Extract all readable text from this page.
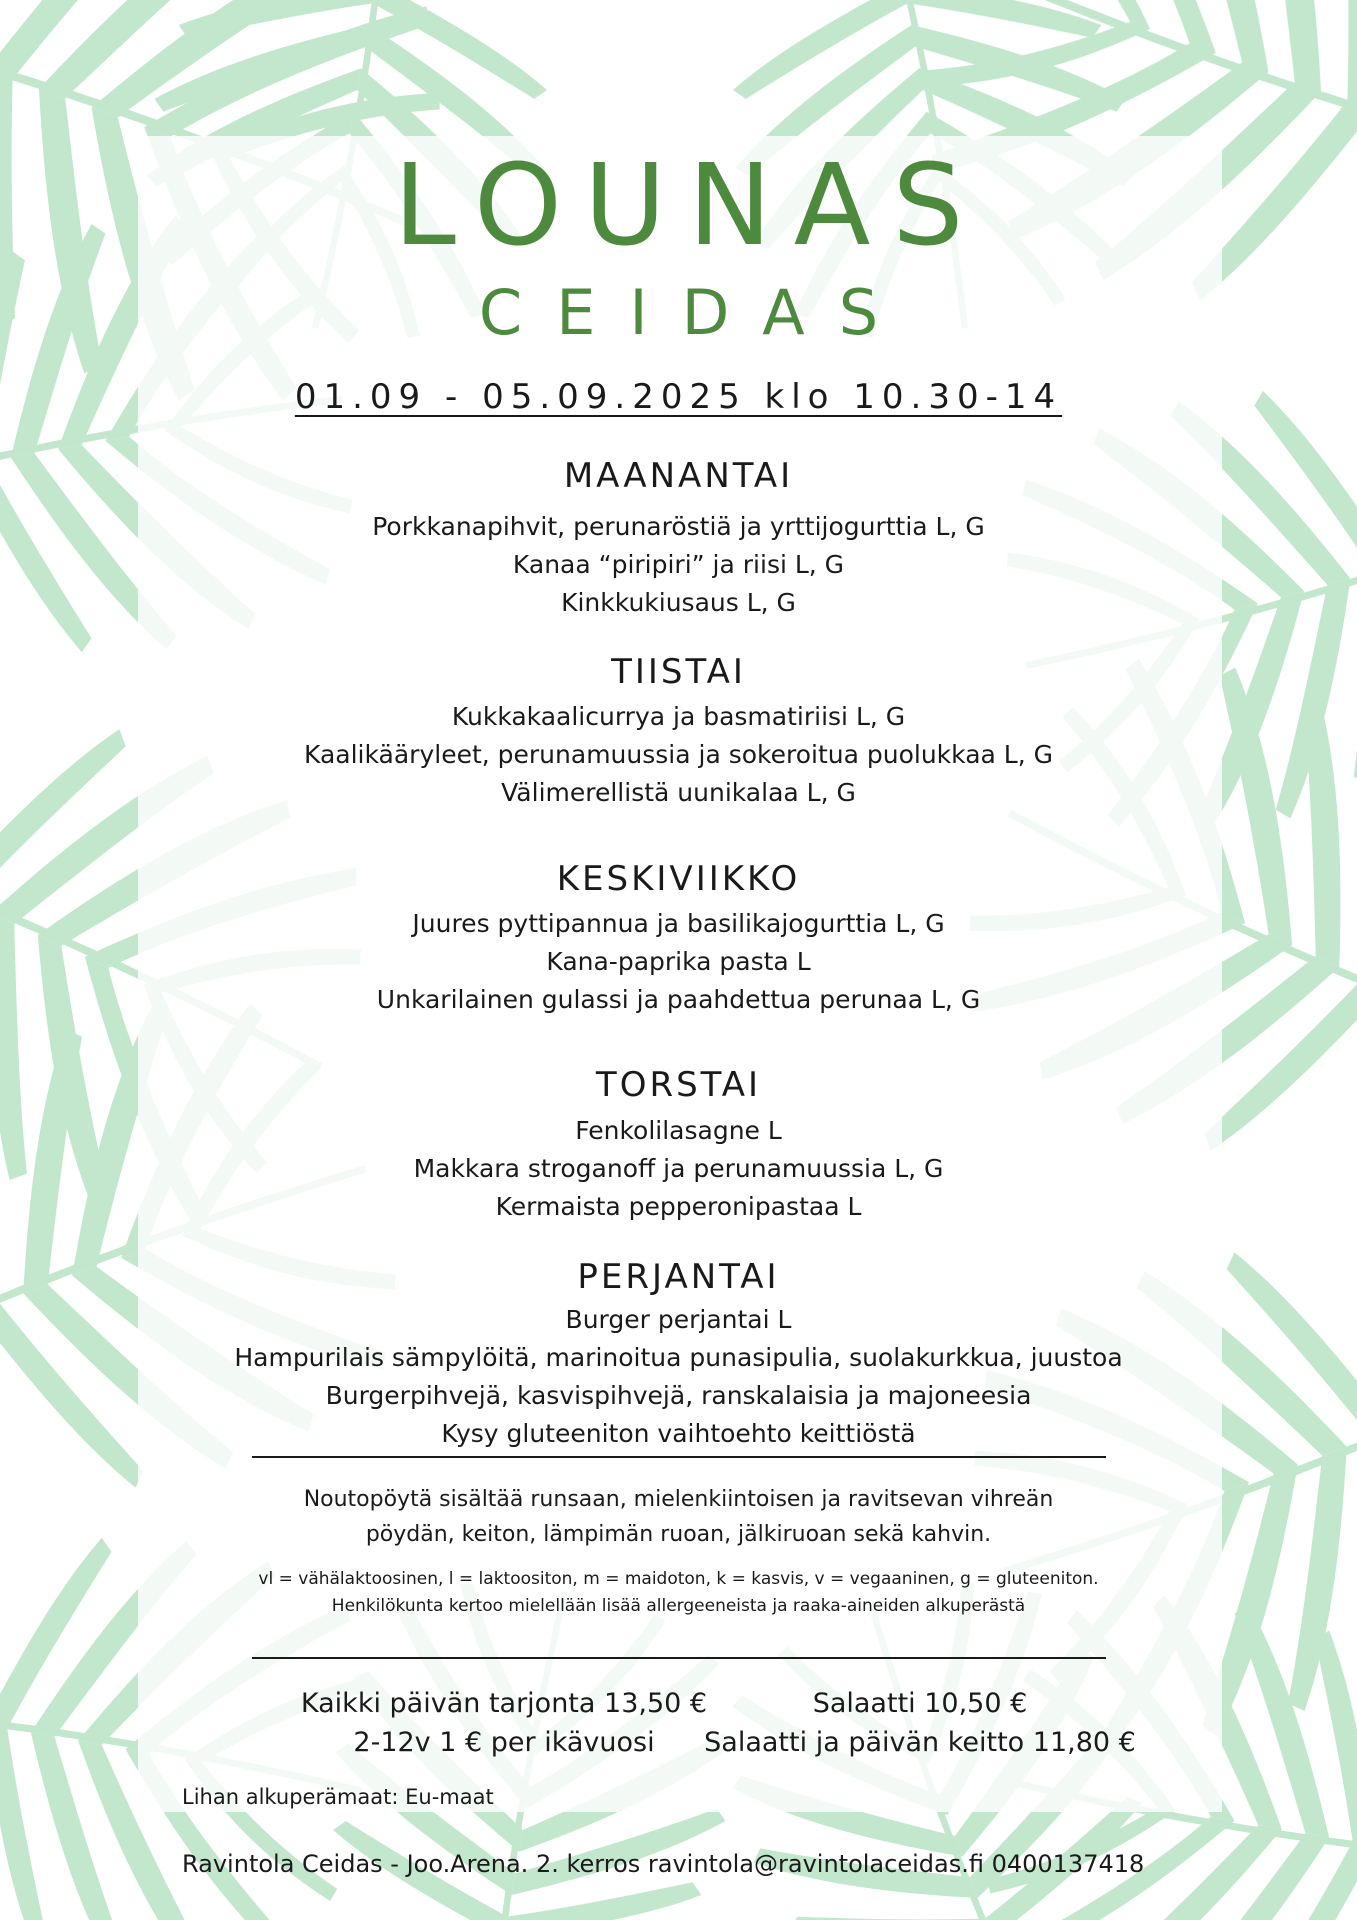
LOUNAS
CEIDAS
01.09 - 05.09.2025 klo 10.30-14
MAANANTAI
Porkkanapihvit, perunaröstiä ja yrttijogurttia L, G
Kanaa “piripiri” ja riisi L, G
Kinkkukiusaus L, G
TIISTAI
Kukkakaalicurrya ja basmatiriisi L, G
Kaalikääryleet, perunamuussia ja sokeroitua puolukkaa L, G
Välimerellistä uunikalaa L, G
KESKIVIIKKO
Juures pyttipannua ja basilikajogurttia L, G
Kana-paprika pasta L
Unkarilainen gulassi ja paahdettua perunaa L, G
TORSTAI
Fenkolilasagne L
Makkara stroganoff ja perunamuussia L, G
Kermaista pepperonipastaa L
PERJANTAI
Burger perjantai L
Hampurilais sämpylöitä, marinoitua punasipulia, suolakurkkua, juustoa
Burgerpihvejä, kasvispihvejä, ranskalaisia ja majoneesia
Kysy gluteeniton vaihtoehto keittiöstä
Noutopöytä sisältää runsaan, mielenkiintoisen ja ravitsevan vihreän
pöydän, keiton, lämpimän ruoan, jälkiruoan sekä kahvin.
vl = vähälaktoosinen, l = laktoositon, m = maidoton, k = kasvis, v = vegaaninen, g = gluteeniton.
Henkilökunta kertoo mielellään lisää allergeeneista ja raaka-aineiden alkuperästä
Kaikki päivän tarjonta 13,50 €
2-12v 1 € per ikävuosi
Salaatti 10,50 €
Salaatti ja päivän keitto 11,80 €
Lihan alkuperämaat: Eu-maat
Ravintola Ceidas - Joo.Arena. 2. kerros ravintola@ravintolaceidas.fi 0400137418
